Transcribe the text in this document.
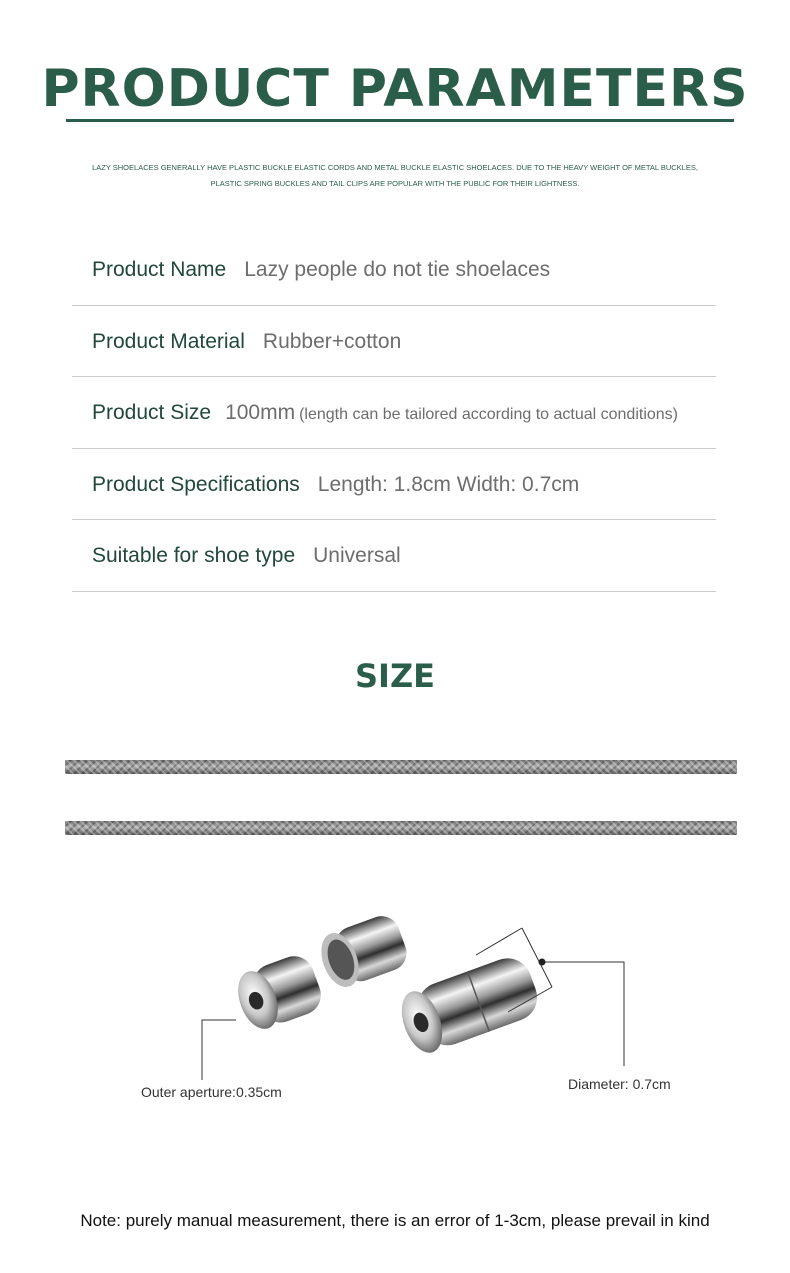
PRODUCT PARAMETERS
LAZY SHOELACES GENERALLY HAVE PLASTIC BUCKLE ELASTIC CORDS AND METAL BUCKLE ELASTIC SHOELACES. DUE TO THE HEAVY WEIGHT OF METAL BUCKLES,
PLASTIC SPRING BUCKLES AND TAIL CLIPS ARE POPULAR WITH THE PUBLIC FOR THEIR LIGHTNESS.
Product Name Lazy people do not tie shoelaces
Product Material Rubber+cotton
Product Size 100mm (length can be tailored according to actual conditions)
Product Specifications Length: 1.8cm Width: 0.7cm
Suitable for shoe type Universal
SIZE
Outer aperture:0.35cm	Diameter: 0.7cm
Note: purely manual measurement, there is an error of 1-3cm, please prevail in kind
